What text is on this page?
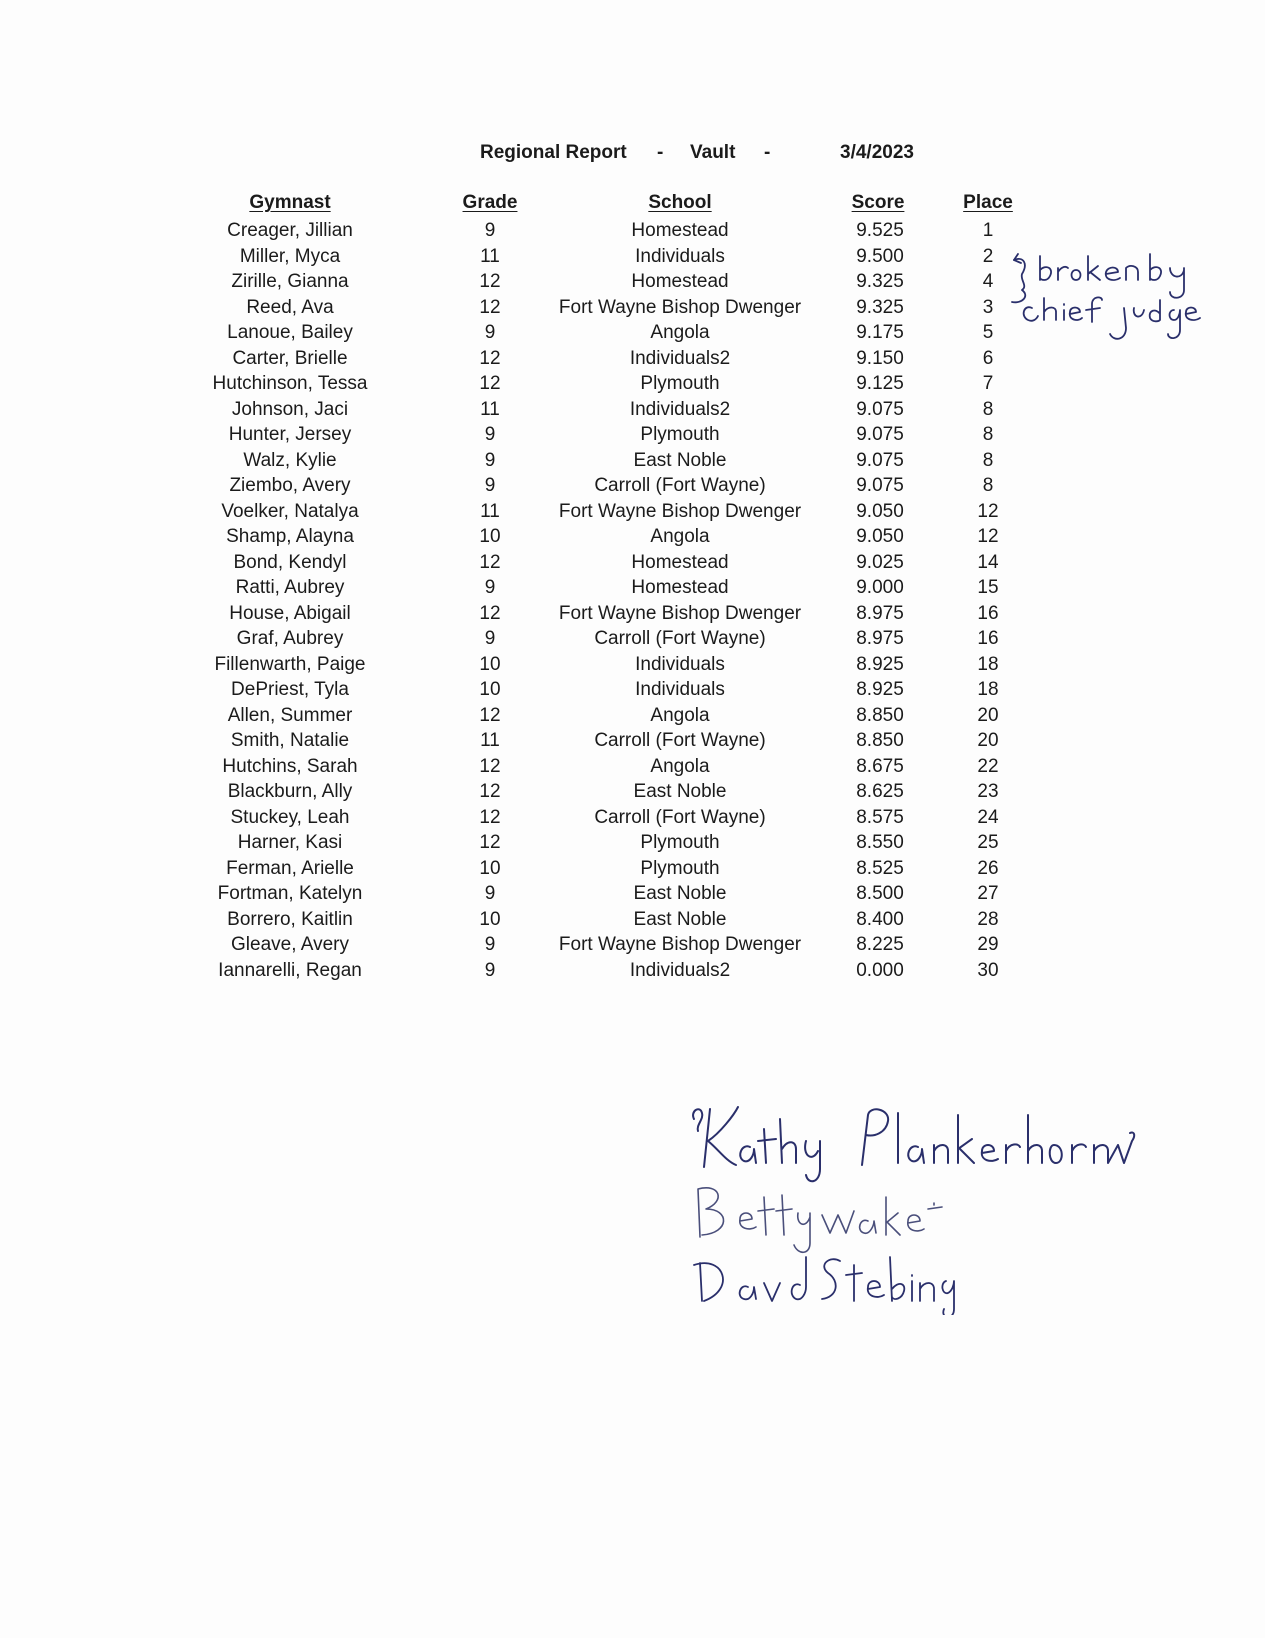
Regional Report - Vault -	3/4/2023
Gymnast	Grade	School	Score	Place
Creager, Jillian	9	Homestead	9.525	1
Miller, Myca	11	Individuals	9.500	2
Zirille, Gianna	12	Homestead	9.325	4
Reed, Ava	12	Fort Wayne Bishop Dwenger	9.325	3
Lanoue, Bailey	9	Angola	9.175	5
Carter, Brielle	12	Individuals2	9.150	6
Hutchinson, Tessa	12	Plymouth	9.125	7
Johnson, Jaci	11	Individuals2	9.075	8
Hunter, Jersey	9	Plymouth	9.075	8
Walz, Kylie	9	East Noble	9.075	8
Ziembo, Avery	9	Carroll (Fort Wayne)	9.075	8
Voelker, Natalya	11	Fort Wayne Bishop Dwenger	9.050	12
Shamp, Alayna	10	Angola	9.050	12
Bond, Kendyl	12	Homestead	9.025	14
Ratti, Aubrey	9	Homestead	9.000	15
House, Abigail	12	Fort Wayne Bishop Dwenger	8.975	16
Graf, Aubrey	9	Carroll (Fort Wayne)	8.975	16
Fillenwarth, Paige	10	Individuals	8.925	18
DePriest, Tyla	10	Individuals	8.925	18
Allen, Summer	12	Angola	8.850	20
Smith, Natalie	11	Carroll (Fort Wayne)	8.850	20
Hutchins, Sarah	12	Angola	8.675	22
Blackburn, Ally	12	East Noble	8.625	23
Stuckey, Leah	12	Carroll (Fort Wayne)	8.575	24
Harner, Kasi	12	Plymouth	8.550	25
Ferman, Arielle	10	Plymouth	8.525	26
Fortman, Katelyn	9	East Noble	8.500	27
Borrero, Kaitlin	10	East Noble	8.400	28
Gleave, Avery	9	Fort Wayne Bishop Dwenger	8.225	29
Iannarelli, Regan	9	Individuals2	0.000	30
